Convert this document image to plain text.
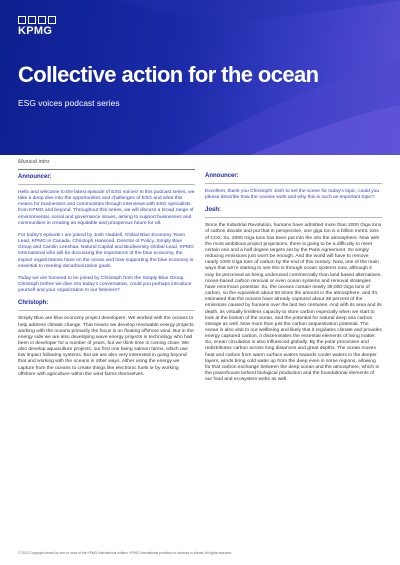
KPMG
Collective action for the ocean
ESG voices podcast series
Musical intro
Announcer:

Hello and welcome to the latest episode of ESG voices! In this podcast series, we take a deep dive into the opportunities and challenges of ESG and what this means for businesses and communities through interviews with ESG specialists from KPMG and beyond. Throughout this series, we will discuss a broad range of environmental, social and governance issues, aiming to support businesses and communities in creating an equitable and prosperous future for all.

For today's episode I am joined by Josh Haddell, Global Blue Economy Team Lead, KPMG in Canada, Christoph Harwood, Director of Policy, Simply Blue Group and Carolin Leeshaa, Natural Capital and Biodiversity Global Lead, KPMG International who will be discussing the importance of the blue economy, the impact organizations have on the ocean and how supporting the blue economy is essential to meeting decarbonization goals.

Today we are honored to be joined by Christoph from the Simply Blue Group, Christoph before we dive into today's conversation, could you perhaps introduce yourself and your organization to our listeners?

Christoph:

Simply Blue are blue economy project developers. We worked with the oceans to help address climate change. That means we develop renewable energy projects working with the oceans primarily the focus is on floating offshore wind. But in the energy side we are also developing wave energy projects in technology who had been in developer for a number of years, but we think time is coming close. We also develop aquaculture projects, our first one being salmon farms, which use low impact following systems. But we are also very interested in going beyond that and working with the oceans in other ways, either using the energy we capture from the oceans to create things like electronic fuels or by working offshore with agriculture within the wind farms themselves.

Announcer:

Excellent, thank you Christoph! Josh to set the scene for today's topic, could you please describe how the oceans work and why this is such an important topic?

Josh:

Since the Industrial Revolution, humans have admitted more than 2000 Giga tons of carbon dioxide and put that in perspective, one giga ton is a billion metric tons of CO2. So, 2000 Giga tons has been put into the into the atmosphere. Now with the most ambitious project projections, there is going to be a difficulty to meet certain one and a half degree targets set by the Paris Agreement. So simply reducing emissions just won't be enough. And the world will have to remove nearly 1000 Giga tons of carbon by the end of this century. Now, one of the main ways that we're starting to see this is through ocean systems now, although it may be perceived as being underused commercially than land based alternatives, ocean-based carbon removal or even ocean systems and removal strategies have enormous potential. So, the oceans contain nearly 39,000 Giga tons of carbon, so the equivalent about 50 times the amount in the atmosphere, and it's estimated that the oceans have already captured about 38 percent of the emissions caused by humans over the last two centuries. And with its area and its depth, its virtually limitless capacity to store carbon especially when we start to look at the bottom of the ocean, and the potential for natural deep sea carbon storage as well. Now more than just the carbon sequestration potential. The ocean is also vital to our wellbeing and likely that it regulates climate and provides energy captured carbon, it disseminates the essential elements of living matter. So, ocean circulation is also influenced globally. By the polar processes and redistributes carbon across long distances and great depths. The ocean moves heat and carbon from warm surface waters towards cooler waters in the deeper layers, winds bring cold water up from the deep even in some regions, allowing for that carbon exchange between the deep ocean and the atmosphere, which is the powerhouse behind biological production and the foundational elements of our food and ecosystem webs as well.

© 2023 Copyright owned by one or more of the KPMG International entities. KPMG International provides no services to clients. All rights reserved.
